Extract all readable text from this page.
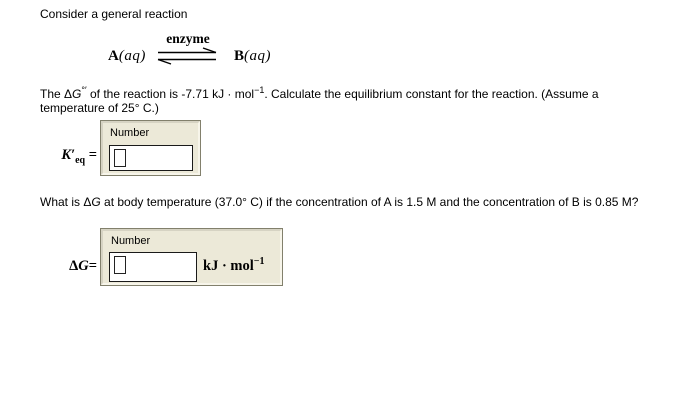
Consider a general reaction
A(aq)
enzyme
⇌ B(aq)
The ΔG°′ of the reaction is -7.71 kJ · mol$^{-1}$. Calculate the equilibrium constant for the reaction. (Assume a
temperature of 25° C.)
$K'_{eq}$ =
Number
What is ΔG at body temperature (37.0° C) if the concentration of A is 1.5 M and the concentration of B is 0.85 M?
ΔG=
Number
kJ · mol$^{-1}$
